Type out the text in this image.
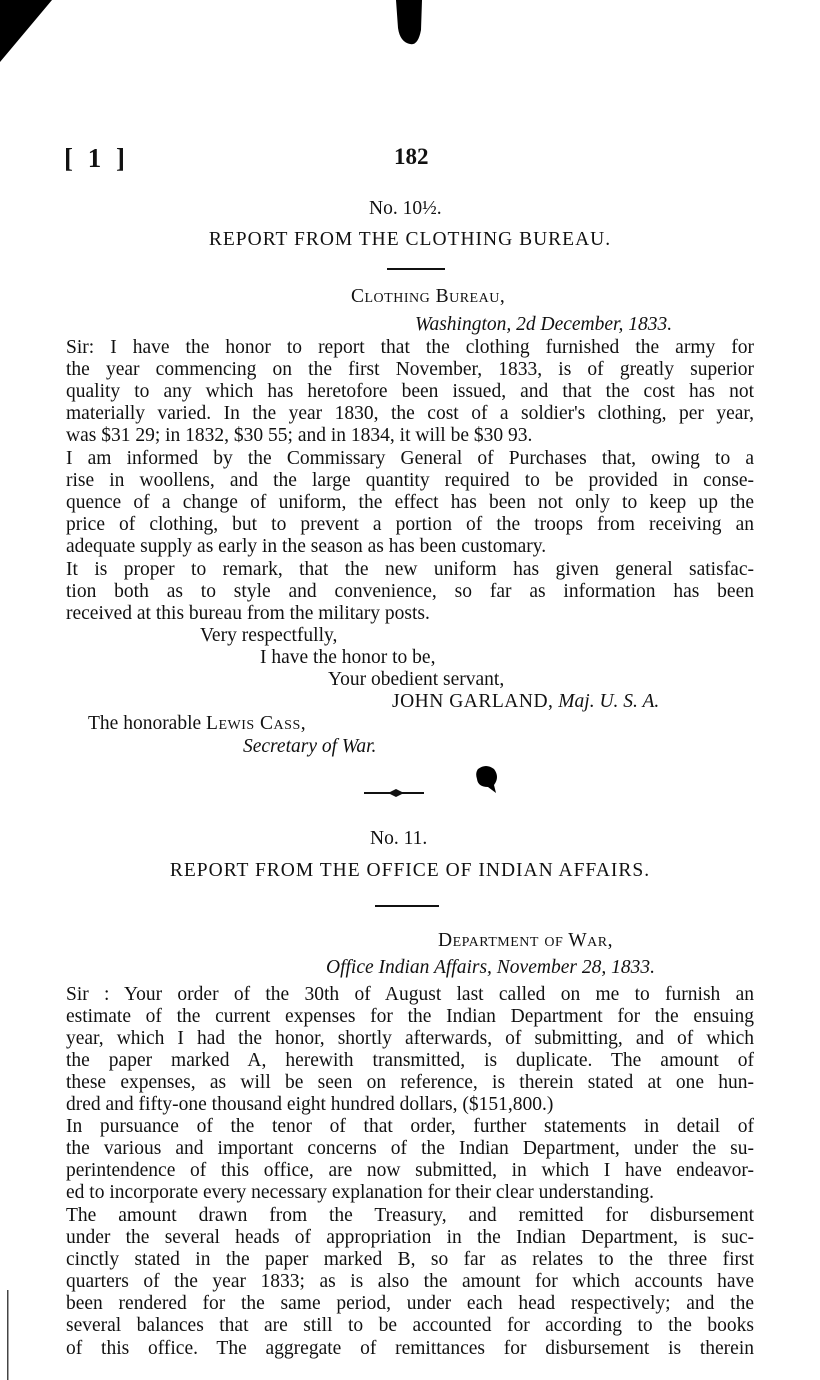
[ 1 ]	182
No. 10½.
REPORT FROM THE CLOTHING BUREAU.
Clothing Bureau,
Washington, 2d December, 1833.
Sir: I have the honor to report that the clothing furnished the army for
the year commencing on the first November, 1833, is of greatly superior
quality to any which has heretofore been issued, and that the cost has not
materially varied. In the year 1830, the cost of a soldier's clothing, per year,
was $31 29; in 1832, $30 55; and in 1834, it will be $30 93.
I am informed by the Commissary General of Purchases that, owing to a
rise in woollens, and the large quantity required to be provided in conse-
quence of a change of uniform, the effect has been not only to keep up the
price of clothing, but to prevent a portion of the troops from receiving an
adequate supply as early in the season as has been customary.
It is proper to remark, that the new uniform has given general satisfac-
tion both as to style and convenience, so far as information has been
received at this bureau from the military posts.
Very respectfully,
I have the honor to be,
Your obedient servant,
JOHN GARLAND, Maj. U. S. A.
The honorable Lewis Cass,
Secretary of War.
No. 11.
REPORT FROM THE OFFICE OF INDIAN AFFAIRS.
Department of War,
Office Indian Affairs, November 28, 1833.
Sir : Your order of the 30th of August last called on me to furnish an
estimate of the current expenses for the Indian Department for the ensuing
year, which I had the honor, shortly afterwards, of submitting, and of which
the paper marked A, herewith transmitted, is duplicate. The amount of
these expenses, as will be seen on reference, is therein stated at one hun-
dred and fifty-one thousand eight hundred dollars, ($151,800.)
In pursuance of the tenor of that order, further statements in detail of
the various and important concerns of the Indian Department, under the su-
perintendence of this office, are now submitted, in which I have endeavor-
ed to incorporate every necessary explanation for their clear understanding.
The amount drawn from the Treasury, and remitted for disbursement
under the several heads of appropriation in the Indian Department, is suc-
cinctly stated in the paper marked B, so far as relates to the three first
quarters of the year 1833; as is also the amount for which accounts have
been rendered for the same period, under each head respectively; and the
several balances that are still to be accounted for according to the books
of this office. The aggregate of remittances for disbursement is therein
